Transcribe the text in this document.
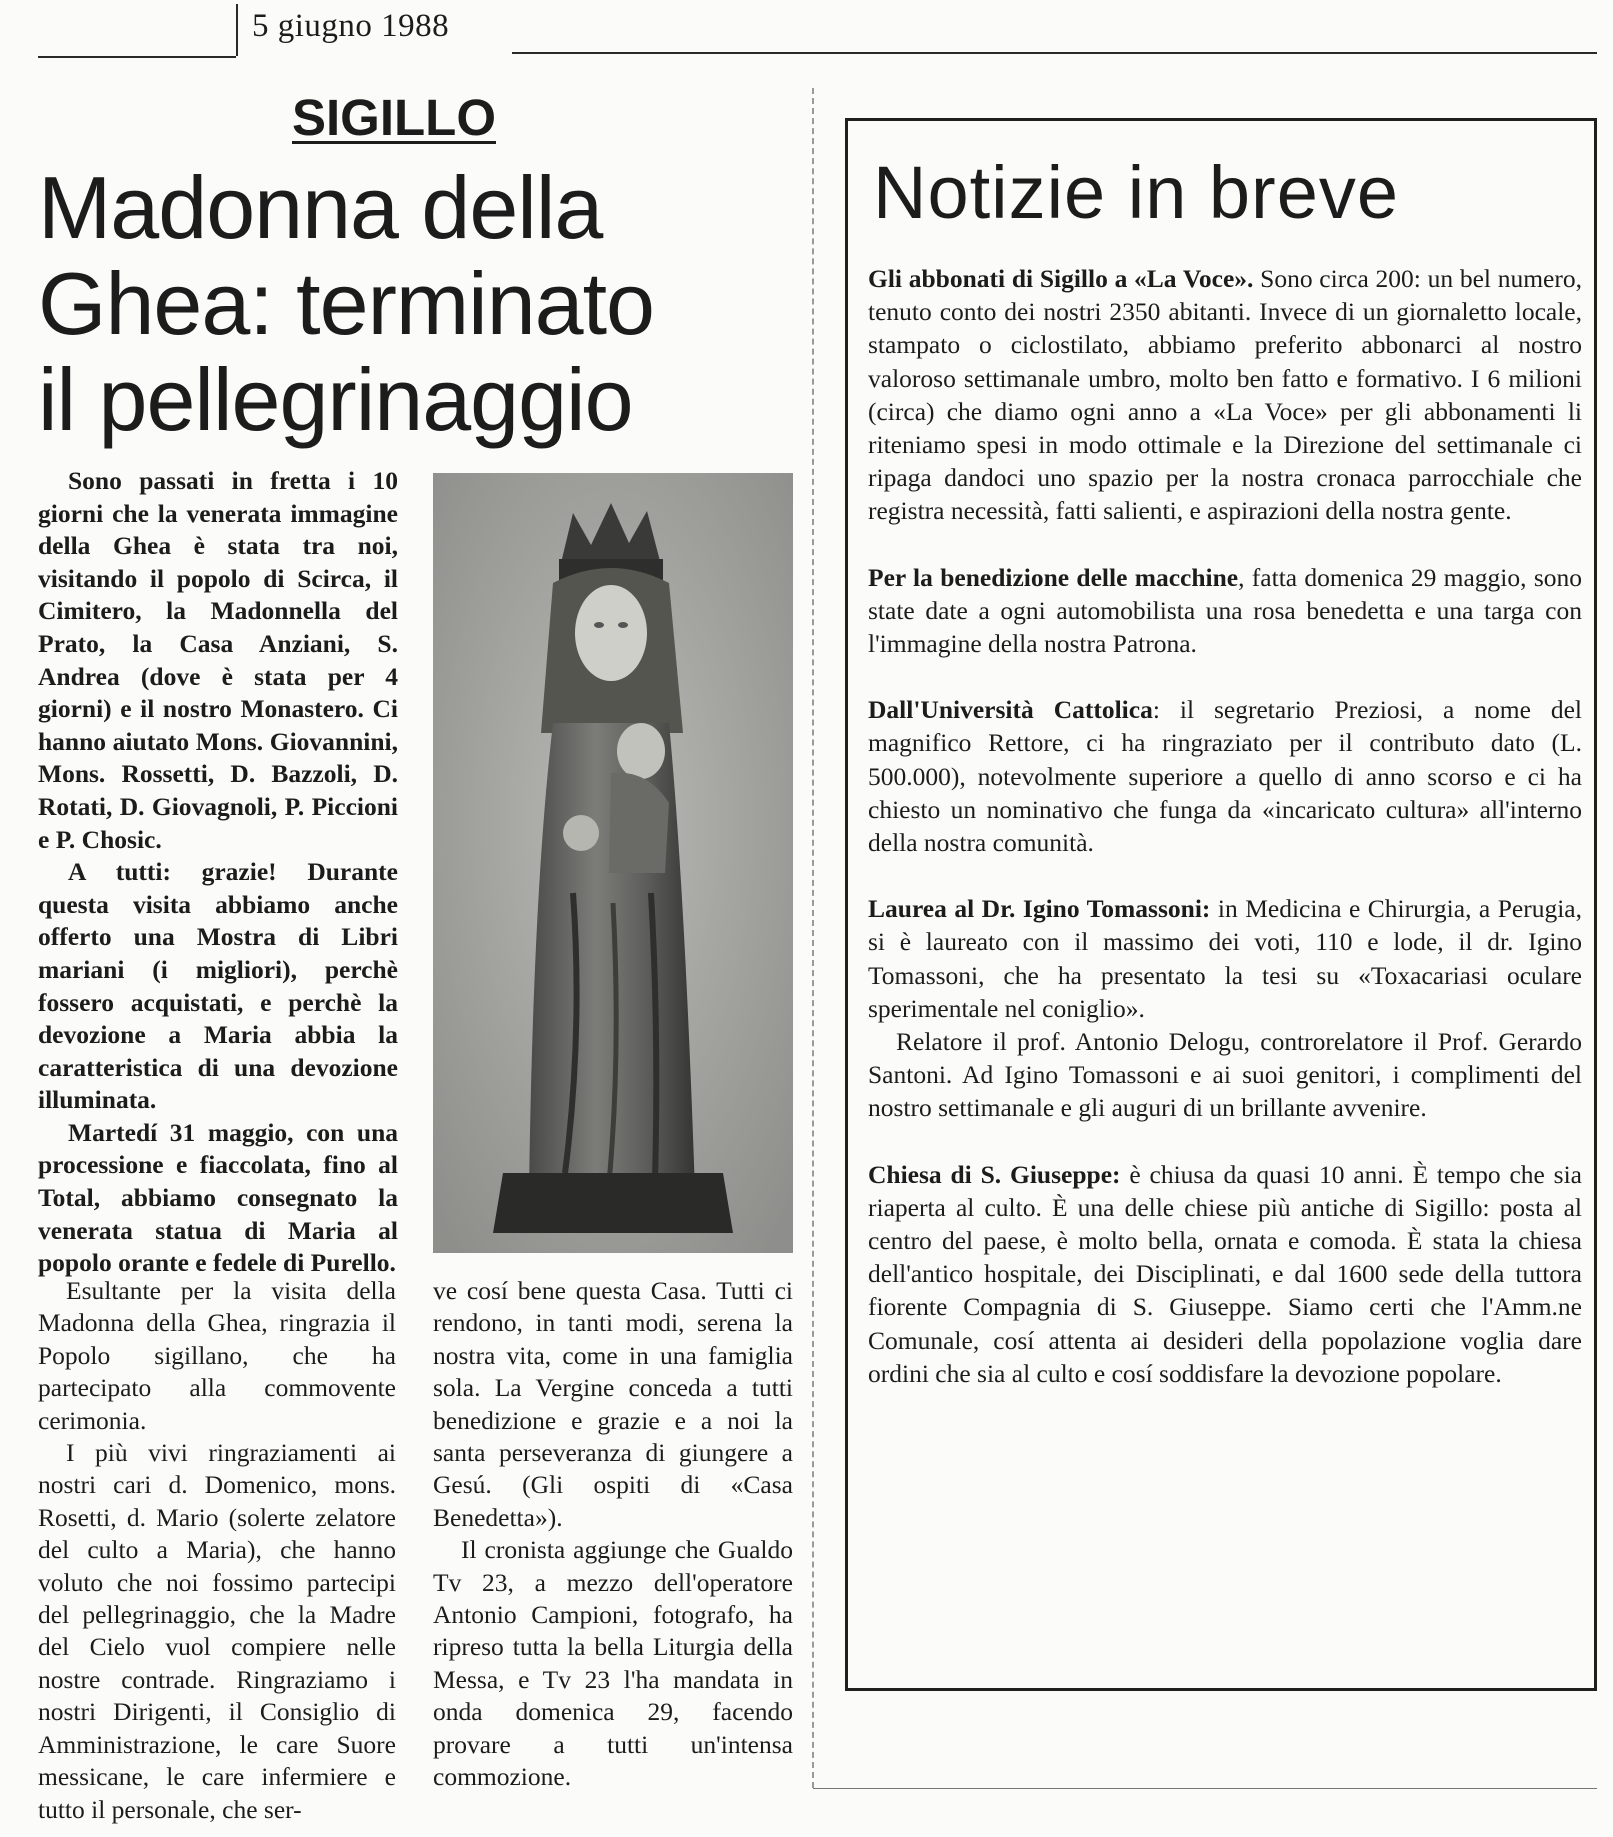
5 giugno 1988
SIGILLO
Madonna della
Ghea: terminato
il pellegrinaggio

Sono passati in fretta i 10 giorni che la venerata immagine della Ghea è stata tra noi, visitando il popolo di Scirca, il Cimitero, la Madonnella del Prato, la Casa Anziani, S. Andrea (dove è stata per 4 giorni) e il nostro Monastero. Ci hanno aiutato Mons. Giovannini, Mons. Rossetti, D. Bazzoli, D. Rotati, D. Giovagnoli, P. Piccioni e P. Chosic.

A tutti: grazie! Durante questa visita abbiamo anche offerto una Mostra di Libri mariani (i migliori), perchè fossero acquistati, e perchè la devozione a Maria abbia la caratteristica di una devozione illuminata.

Martedí 31 maggio, con una processione e fiaccolata, fino al Total, abbiamo consegnato la venerata statua di Maria al popolo orante e fedele di Purello.

Esultante per la visita della Madonna della Ghea, ringrazia il Popolo sigillano, che ha partecipato alla commovente cerimonia.

I più vivi ringraziamenti ai nostri cari d. Domenico, mons. Rosetti, d. Mario (solerte zelatore del culto a Maria), che hanno voluto che noi fossimo partecipi del pellegrinaggio, che la Madre del Cielo vuol compiere nelle nostre contrade. Ringraziamo i nostri Dirigenti, il Consiglio di Amministrazione, le care Suore messicane, le care infermiere e tutto il personale, che ser-

ve cosí bene questa Casa. Tutti ci rendono, in tanti modi, serena la nostra vita, come in una famiglia sola. La Vergine conceda a tutti benedizione e grazie e a noi la santa perseveranza di giungere a Gesú. (Gli ospiti di «Casa Benedetta»).

Il cronista aggiunge che Gualdo Tv 23, a mezzo dell'operatore Antonio Campioni, fotografo, ha ripreso tutta la bella Liturgia della Messa, e Tv 23 l'ha mandata in onda domenica 29, facendo provare a tutti un'intensa commozione.

Notizie in breve

Gli abbonati di Sigillo a «La Voce». Sono circa 200: un bel numero, tenuto conto dei nostri 2350 abitanti. Invece di un giornaletto locale, stampato o ciclostilato, abbiamo preferito abbonarci al nostro valoroso settimanale umbro, molto ben fatto e formativo. I 6 milioni (circa) che diamo ogni anno a «La Voce» per gli abbonamenti li riteniamo spesi in modo ottimale e la Direzione del settimanale ci ripaga dandoci uno spazio per la nostra cronaca parrocchiale che registra necessità, fatti salienti, e aspirazioni della nostra gente.

Per la benedizione delle macchine, fatta domenica 29 maggio, sono state date a ogni automobilista una rosa benedetta e una targa con l'immagine della nostra Patrona.

Dall'Università Cattolica: il segretario Preziosi, a nome del magnifico Rettore, ci ha ringraziato per il contributo dato (L. 500.000), notevolmente superiore a quello di anno scorso e ci ha chiesto un nominativo che funga da «incaricato cultura» all'interno della nostra comunità.

Laurea al Dr. Igino Tomassoni: in Medicina e Chirurgia, a Perugia, si è laureato con il massimo dei voti, 110 e lode, il dr. Igino Tomassoni, che ha presentato la tesi su «Toxacariasi oculare sperimentale nel coniglio».

Relatore il prof. Antonio Delogu, controrelatore il Prof. Gerardo Santoni. Ad Igino Tomassoni e ai suoi genitori, i complimenti del nostro settimanale e gli auguri di un brillante avvenire.

Chiesa di S. Giuseppe: è chiusa da quasi 10 anni. È tempo che sia riaperta al culto. È una delle chiese più antiche di Sigillo: posta al centro del paese, è molto bella, ornata e comoda. È stata la chiesa dell'antico hospitale, dei Disciplinati, e dal 1600 sede della tuttora fiorente Compagnia di S. Giuseppe. Siamo certi che l'Amm.ne Comunale, cosí attenta ai desideri della popolazione voglia dare ordini che sia al culto e cosí soddisfare la devozione popolare.
